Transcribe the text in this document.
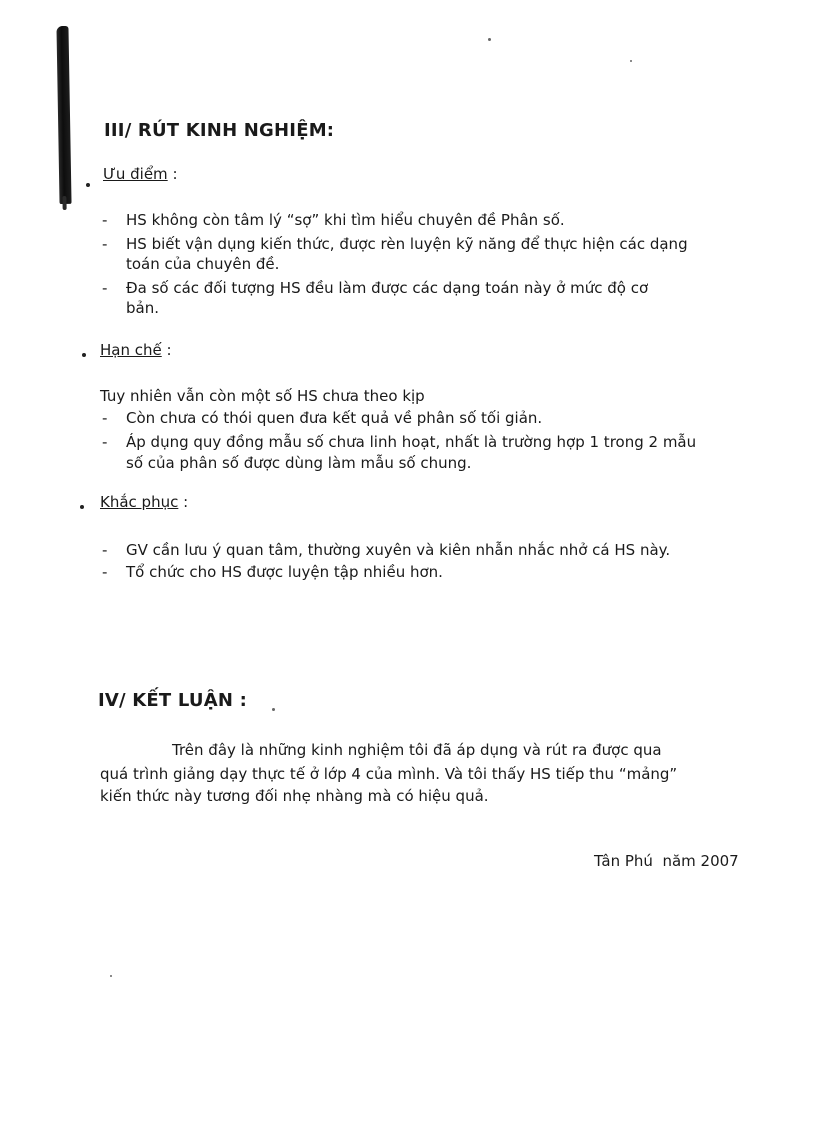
III/ RÚT KINH NGHIỆM:
Ưu điểm :
- HS không còn tâm lý “sợ” khi tìm hiểu chuyên đề Phân số.
- HS biết vận dụng kiến thức, được rèn luyện kỹ năng để thực hiện các dạng
toán của chuyên đề.
- Đa số các đối tượng HS đều làm được các dạng toán này ở mức độ cơ
bản.
Hạn chế :
Tuy nhiên vẫn còn một số HS chưa theo kịp
- Còn chưa có thói quen đưa kết quả về phân số tối giản.
- Áp dụng quy đồng mẫu số chưa linh hoạt, nhất là trường hợp 1 trong 2 mẫu
số của phân số được dùng làm mẫu số chung.
Khắc phục :
- GV cần lưu ý quan tâm, thường xuyên và kiên nhẫn nhắc nhở cá HS này.
- Tổ chức cho HS được luyện tập nhiều hơn.
IV/ KẾT LUẬN :
Trên đây là những kinh nghiệm tôi đã áp dụng và rút ra được qua
quá trình giảng dạy thực tế ở lớp 4 của mình. Và tôi thấy HS tiếp thu “mảng”
kiến thức này tương đối nhẹ nhàng mà có hiệu quả.
Tân Phú  năm 2007
